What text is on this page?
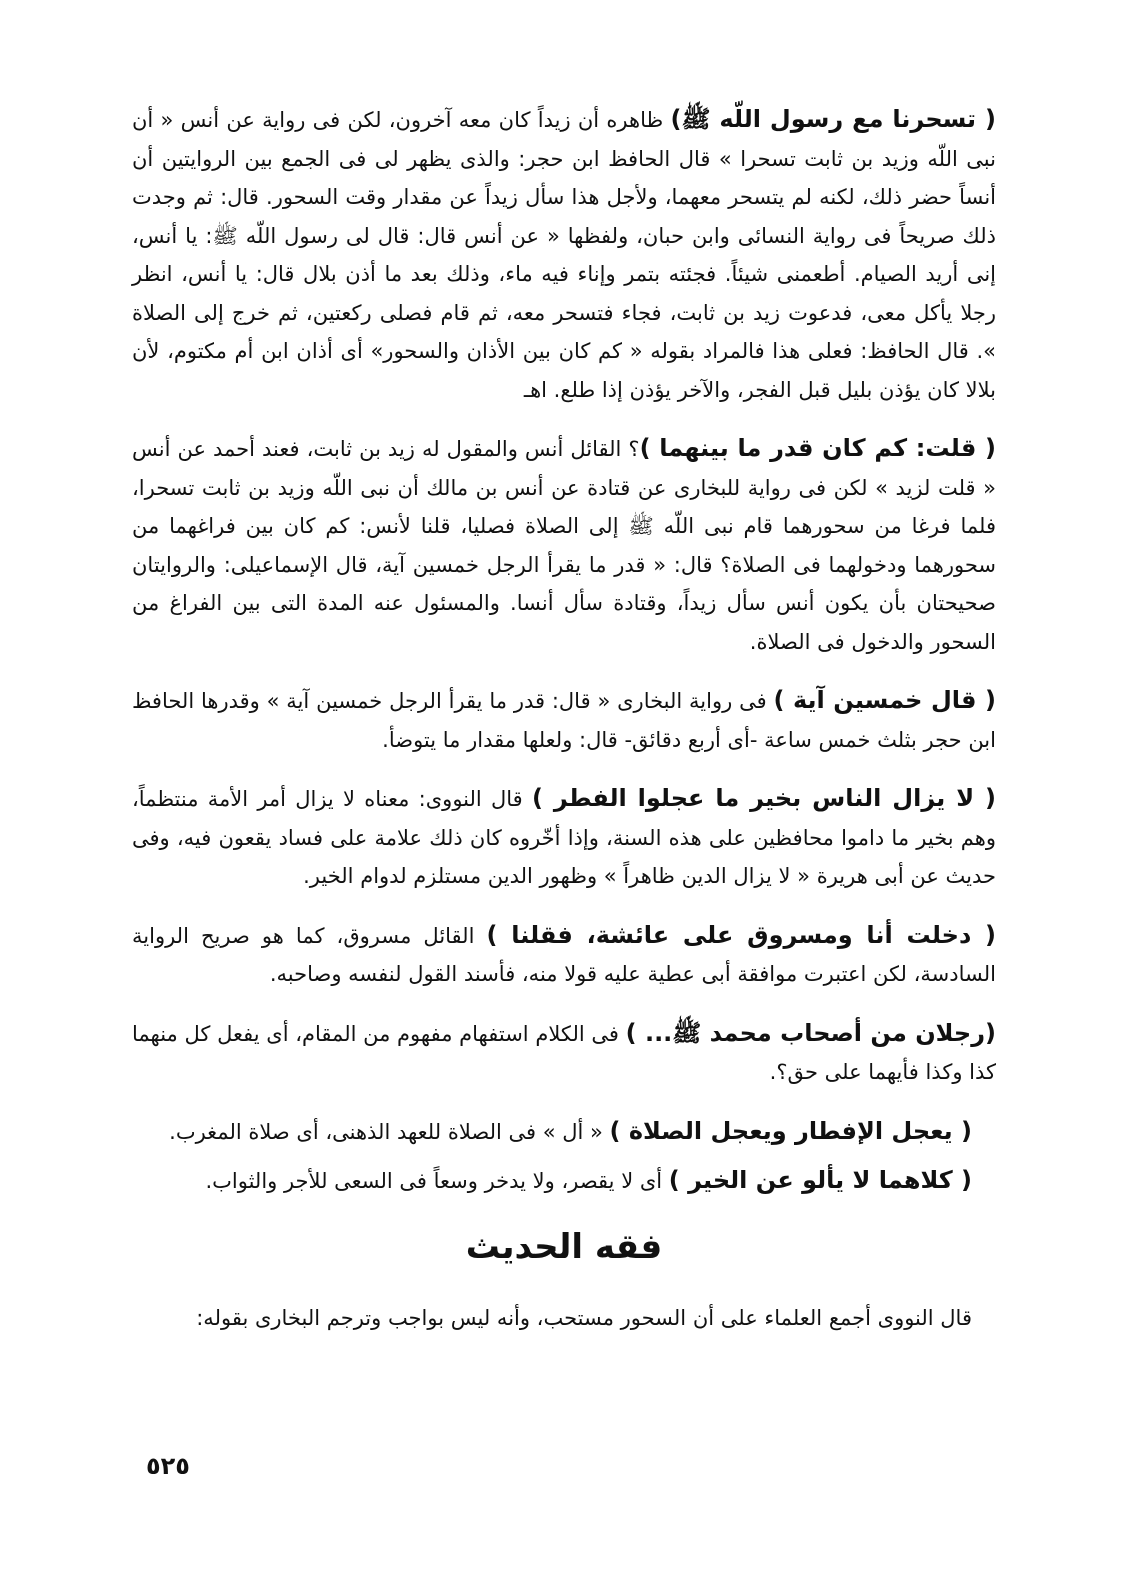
( تسحرنا مع رسول اللّه ﷺ) ظاهره أن زيداً كان معه آخرون، لكن فى رواية عن أنس « أن نبى اللّه وزيد بن ثابت تسحرا » قال الحافظ ابن حجر: والذى يظهر لى فى الجمع بين الروايتين أن أنساً حضر ذلك، لكنه لم يتسحر معهما، ولأجل هذا سأل زيداً عن مقدار وقت السحور. قال: ثم وجدت ذلك صريحاً فى رواية النسائى وابن حبان، ولفظها « عن أنس قال: قال لى رسول اللّه ﷺ: يا أنس، إنى أريد الصيام. أطعمنى شيئاً. فجئته بتمر وإناء فيه ماء، وذلك بعد ما أذن بلال قال: يا أنس، انظر رجلا يأكل معى، فدعوت زيد بن ثابت، فجاء فتسحر معه، ثم قام فصلى ركعتين، ثم خرج إلى الصلاة ». قال الحافظ: فعلى هذا فالمراد بقوله « كم كان بين الأذان والسحور» أى أذان ابن أم مكتوم، لأن بلالا كان يؤذن بليل قبل الفجر، والآخر يؤذن إذا طلع. اهـ

( قلت: كم كان قدر ما بينهما )؟ القائل أنس والمقول له زيد بن ثابت، فعند أحمد عن أنس « قلت لزيد » لكن فى رواية للبخارى عن قتادة عن أنس بن مالك أن نبى اللّه وزيد بن ثابت تسحرا، فلما فرغا من سحورهما قام نبى اللّه ﷺ إلى الصلاة فصليا، قلنا لأنس: كم كان بين فراغهما من سحورهما ودخولهما فى الصلاة؟ قال: « قدر ما يقرأ الرجل خمسين آية، قال الإسماعيلى: والروايتان صحيحتان بأن يكون أنس سأل زيداً، وقتادة سأل أنسا. والمسئول عنه المدة التى بين الفراغ من السحور والدخول فى الصلاة.

( قال خمسين آية ) فى رواية البخارى « قال: قدر ما يقرأ الرجل خمسين آية » وقدرها الحافظ ابن حجر بثلث خمس ساعة -أى أربع دقائق- قال: ولعلها مقدار ما يتوضأ.

( لا يزال الناس بخير ما عجلوا الفطر ) قال النووى: معناه لا يزال أمر الأمة منتظماً، وهم بخير ما داموا محافظين على هذه السنة، وإذا أخّروه كان ذلك علامة على فساد يقعون فيه، وفى حديث عن أبى هريرة « لا يزال الدين ظاهراً » وظهور الدين مستلزم لدوام الخير.

( دخلت أنا ومسروق على عائشة، فقلنا ) القائل مسروق، كما هو صريح الرواية السادسة، لكن اعتبرت موافقة أبى عطية عليه قولا منه، فأسند القول لنفسه وصاحبه.

(رجلان من أصحاب محمد ﷺ... ) فى الكلام استفهام مفهوم من المقام، أى يفعل كل منهما كذا وكذا فأيهما على حق؟.

( يعجل الإفطار ويعجل الصلاة ) « أل » فى الصلاة للعهد الذهنى، أى صلاة المغرب.

( كلاهما لا يألو عن الخير ) أى لا يقصر، ولا يدخر وسعاً فى السعى للأجر والثواب.

فقه الحديث

قال النووى أجمع العلماء على أن السحور مستحب، وأنه ليس بواجب وترجم البخارى بقوله:

٥٢٥
